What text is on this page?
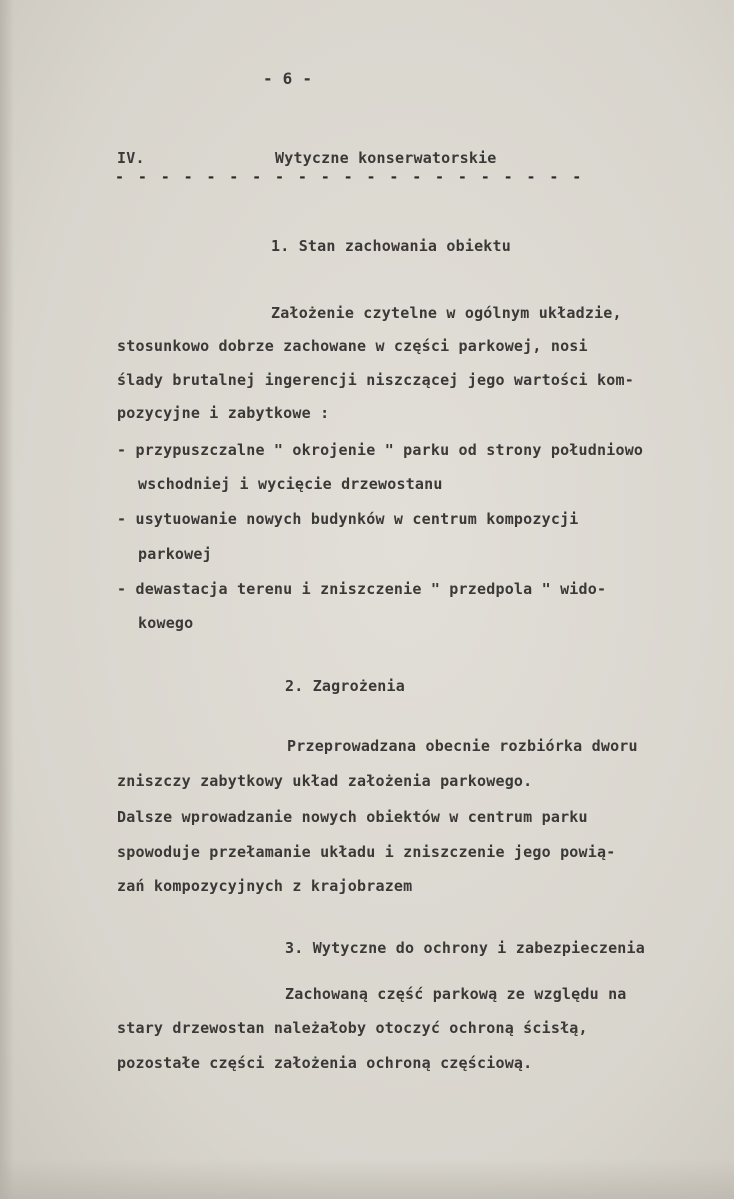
- 6 -
IV.	Wytyczne konserwatorskie
- - - - - - - - - - - - - - - - - - - - -
1. Stan zachowania obiektu
Założenie czytelne w ogólnym układzie,
stosunkowo dobrze zachowane w części parkowej, nosi
ślady brutalnej ingerencji niszczącej jego wartości kom-
pozycyjne i zabytkowe :
- przypuszczalne " okrojenie " parku od strony południowo
wschodniej i wycięcie drzewostanu
- usytuowanie nowych budynków w centrum kompozycji
parkowej
- dewastacja terenu i zniszczenie " przedpola " wido-
kowego
2. Zagrożenia
Przeprowadzana obecnie rozbiórka dworu
zniszczy zabytkowy układ założenia parkowego.
Dalsze wprowadzanie nowych obiektów w centrum parku
spowoduje przełamanie układu i zniszczenie jego powią-
zań kompozycyjnych z krajobrazem
3. Wytyczne do ochrony i zabezpieczenia
Zachowaną część parkową ze względu na
stary drzewostan należałoby otoczyć ochroną ścisłą,
pozostałe części założenia ochroną częściową.
